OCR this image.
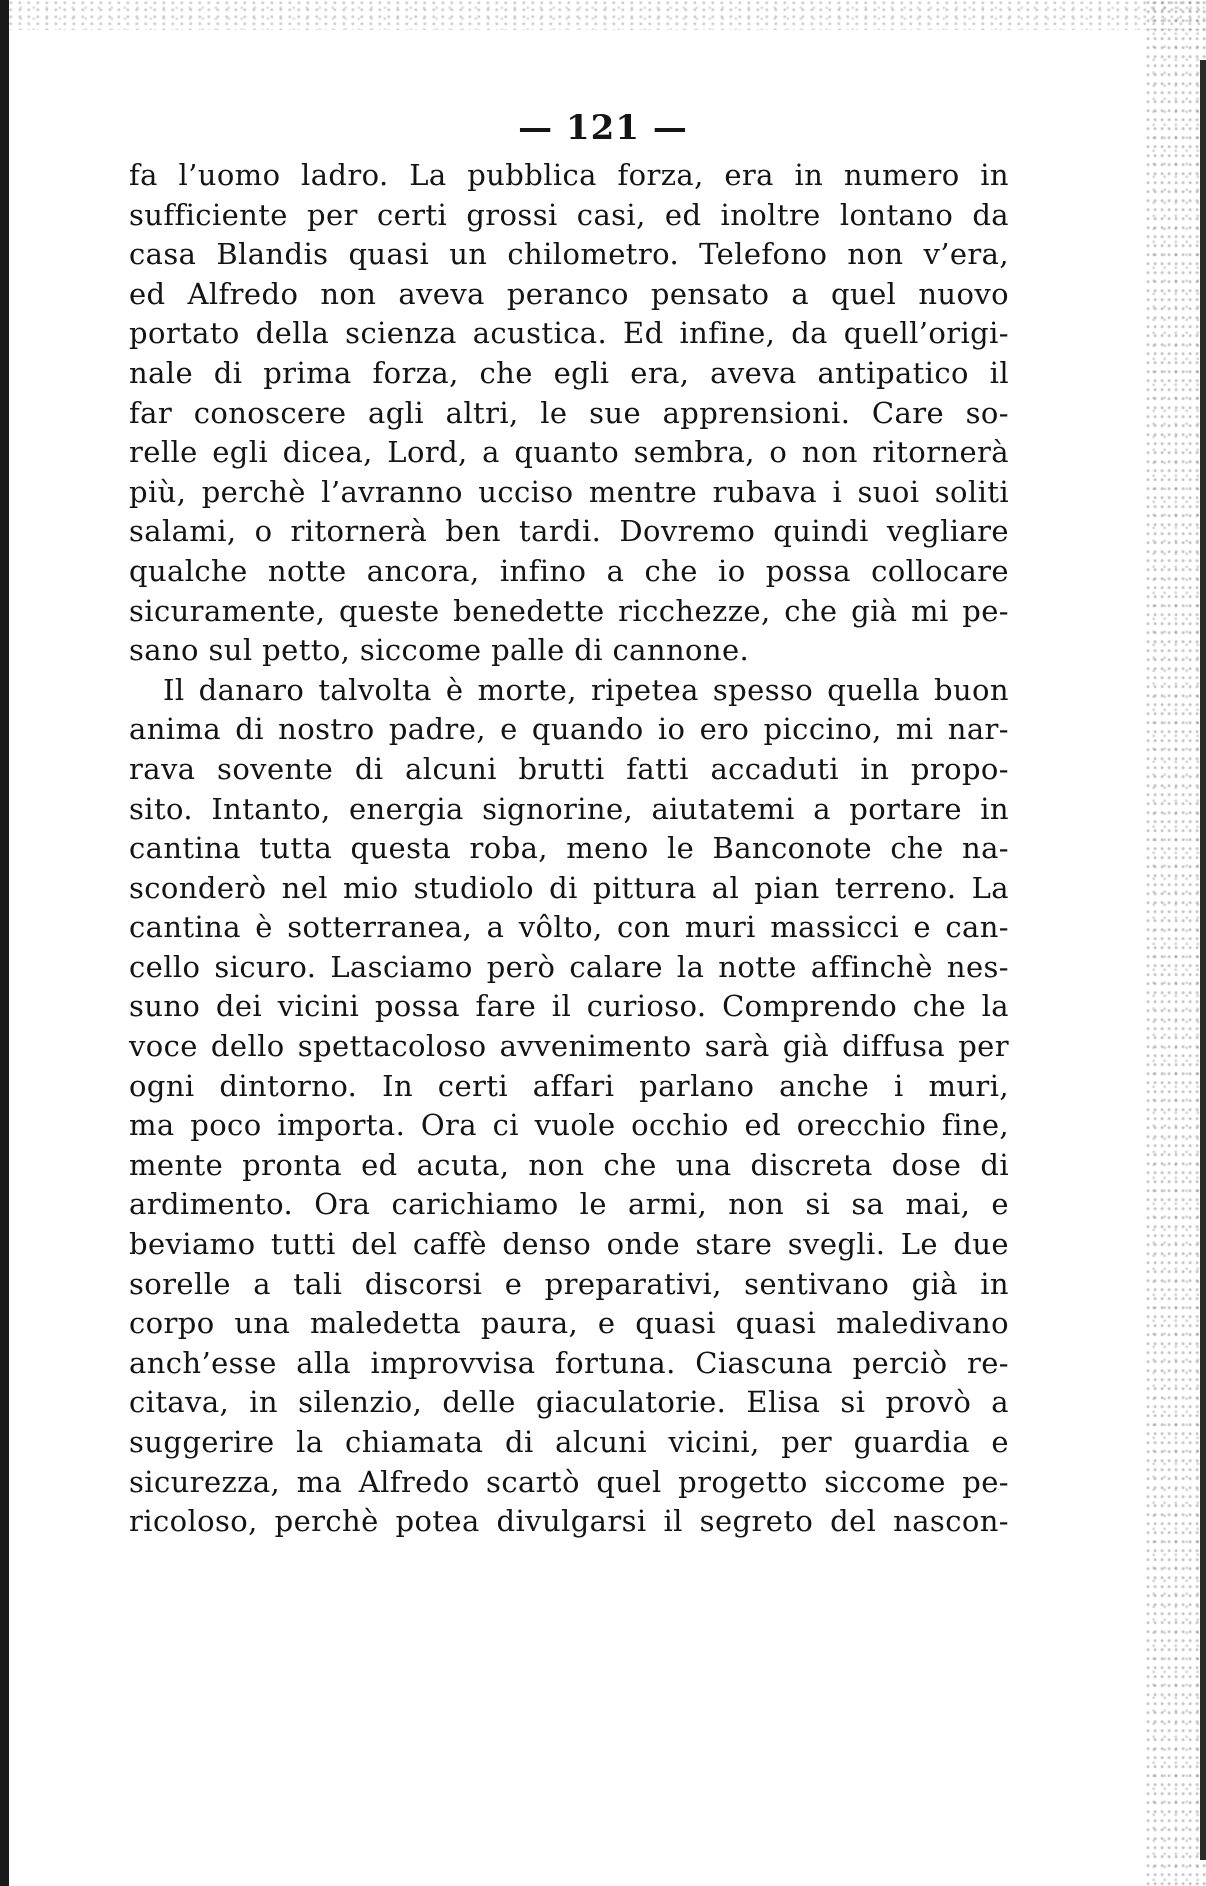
— 121 —
fa l’uomo ladro. La pubblica forza, era in numero in
sufficiente per certi grossi casi, ed inoltre lontano da
casa Blandis quasi un chilometro. Telefono non v’era,
ed Alfredo non aveva peranco pensato a quel nuovo
portato della scienza acustica. Ed infine, da quell’origi-
nale di prima forza, che egli era, aveva antipatico il
far conoscere agli altri, le sue apprensioni. Care so-
relle egli dicea, Lord, a quanto sembra, o non ritornerà
più, perchè l’avranno ucciso mentre rubava i suoi soliti
salami, o ritornerà ben tardi. Dovremo quindi vegliare
qualche notte ancora, infino a che io possa collocare
sicuramente, queste benedette ricchezze, che già mi pe-
sano sul petto, siccome palle di cannone.
Il danaro talvolta è morte, ripetea spesso quella buon
anima di nostro padre, e quando io ero piccino, mi nar-
rava sovente di alcuni brutti fatti accaduti in propo-
sito. Intanto, energia signorine, aiutatemi a portare in
cantina tutta questa roba, meno le Banconote che na-
sconderò nel mio studiolo di pittura al pian terreno. La
cantina è sotterranea, a vôlto, con muri massicci e can-
cello sicuro. Lasciamo però calare la notte affinchè nes-
suno dei vicini possa fare il curioso. Comprendo che la
voce dello spettacoloso avvenimento sarà già diffusa per
ogni dintorno. In certi affari parlano anche i muri,
ma poco importa. Ora ci vuole occhio ed orecchio fine,
mente pronta ed acuta, non che una discreta dose di
ardimento. Ora carichiamo le armi, non si sa mai, e
beviamo tutti del caffè denso onde stare svegli. Le due
sorelle a tali discorsi e preparativi, sentivano già in
corpo una maledetta paura, e quasi quasi maledivano
anch’esse alla improvvisa fortuna. Ciascuna perciò re-
citava, in silenzio, delle giaculatorie. Elisa si provò a
suggerire la chiamata di alcuni vicini, per guardia e
sicurezza, ma Alfredo scartò quel progetto siccome pe-
ricoloso, perchè potea divulgarsi il segreto del nascon-
